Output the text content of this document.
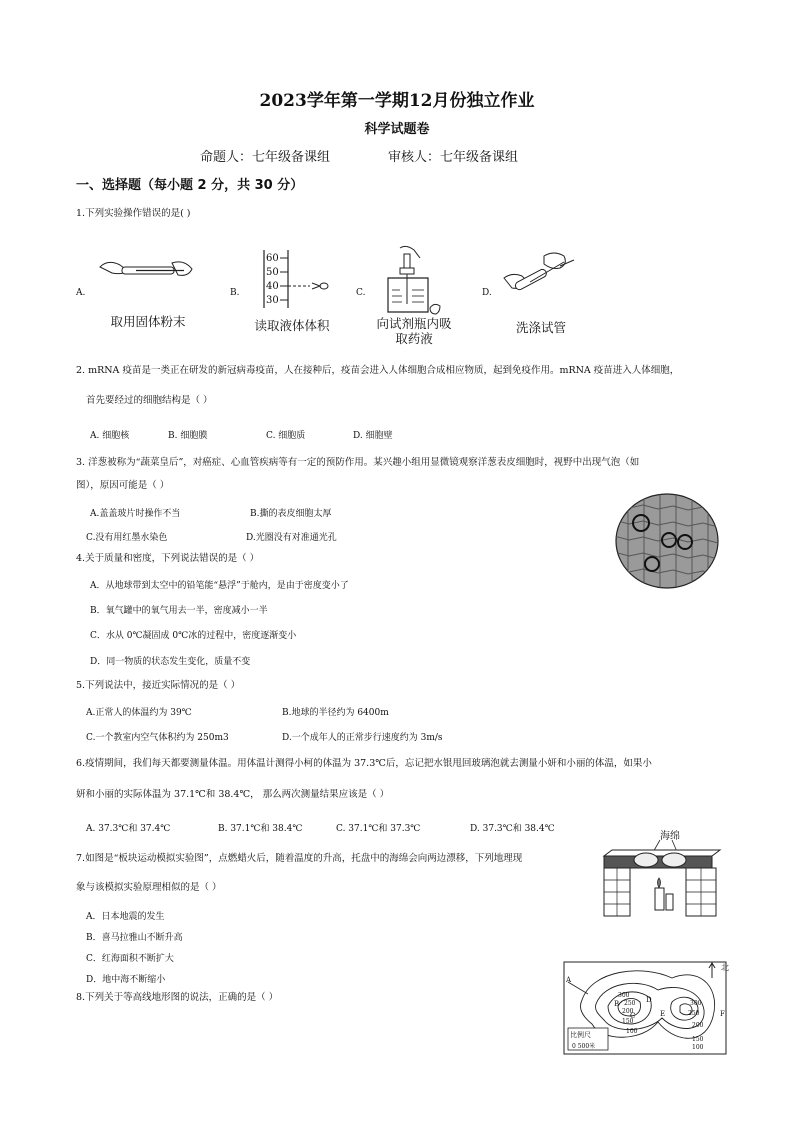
2023学年第一学期12月份独立作业
科学试题卷
命题人：七年级备课组	审核人：七年级备课组
一、选择题（每小题 2 分，共 30 分）
1.下列实验操作错误的是( )
A.
取用固体粉末
B.
60
50
40
30
读取液体体积
C.
向试剂瓶内吸取药液
D.
洗涤试管
2. mRNA 疫苗是一类正在研发的新冠病毒疫苗，人在接种后，疫苗会进入人体细胞合成相应物质，起到免疫作用。mRNA 疫苗进入人体细胞，
首先要经过的细胞结构是（ ）
A. 细胞核	B. 细胞膜	C. 细胞质	D. 细胞壁
3. 洋葱被称为“蔬菜皇后”，对癌症、心血管疾病等有一定的预防作用。某兴趣小组用显微镜观察洋葱表皮细胞时，视野中出现气泡（如
图），原因可能是（ ）
A.盖盖玻片时操作不当	B.撕的表皮细胞太厚
C.没有用红墨水染色	D.光圈没有对准通光孔
4.关于质量和密度，下列说法错误的是（ ）
A．从地球带到太空中的铅笔能“悬浮”于舱内，是由于密度变小了
B．氧气罐中的氧气用去一半，密度减小一半
C．水从 0℃凝固成 0℃冰的过程中，密度逐渐变小
D．同一物质的状态发生变化，质量不变
5.下列说法中，接近实际情况的是（ ）
A.正常人的体温约为 39℃	B.地球的半径约为 6400m
C.一个教室内空气体积约为 250m3	D.一个成年人的正常步行速度约为 3m/s
6.疫情期间，我们每天都要测量体温。用体温计测得小柯的体温为 37.3℃后，忘记把水银甩回玻璃泡就去测量小妍和小丽的体温，如果小
妍和小丽的实际体温为 37.1℃和 38.4℃， 那么两次测量结果应该是（ ）
A. 37.3℃和 37.4℃	B. 37.1℃和 38.4℃	C. 37.1℃和 37.3℃	D. 37.3℃和 38.4℃
7.如图是“板块运动模拟实验图”，点燃蜡火后，随着温度的升高，托盘中的海绵会向两边漂移，下列地理现
象与该模拟实验原理相似的是（ ）
A．日本地震的发生
B．喜马拉雅山不断升高
C．红海面积不断扩大
D．地中海不断缩小
海绵
8.下列关于等高线地形图的说法，正确的是（ ）
北
比例尺
0 500米
A
B
C
D
E	F
300
250
200
150
100
300
250
200
150
100
